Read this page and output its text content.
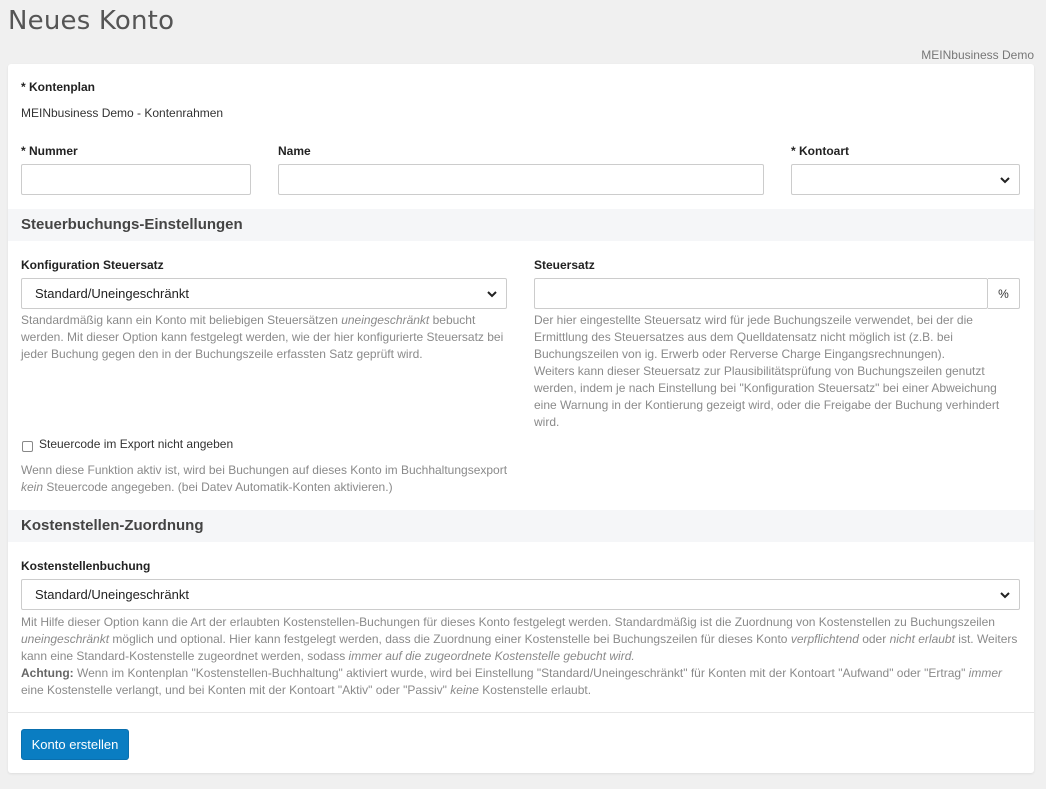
Neues Konto
MEINbusiness Demo
* Kontenplan
MEINbusiness Demo - Kontenrahmen
* Nummer	Name	* Kontoart
Steuerbuchungs-Einstellungen
Konfiguration Steuersatz
Standard/Uneingeschränkt
Standardmäßig kann ein Konto mit beliebigen Steuersätzen uneingeschränkt bebucht werden. Mit dieser Option kann festgelegt werden, wie der hier konfigurierte Steuersatz bei jeder Buchung gegen den in der Buchungszeile erfassten Satz geprüft wird.
Steuersatz
%
Der hier eingestellte Steuersatz wird für jede Buchungszeile verwendet, bei der die Ermittlung des Steuersatzes aus dem Quelldatensatz nicht möglich ist (z.B. bei Buchungszeilen von ig. Erwerb oder Rerverse Charge Eingangsrechnungen).
Weiters kann dieser Steuersatz zur Plausibilitätsprüfung von Buchungszeilen genutzt werden, indem je nach Einstellung bei "Konfiguration Steuersatz" bei einer Abweichung eine Warnung in der Kontierung gezeigt wird, oder die Freigabe der Buchung verhindert wird.
Steuercode im Export nicht angeben
Wenn diese Funktion aktiv ist, wird bei Buchungen auf dieses Konto im Buchhaltungsexport kein Steuercode angegeben. (bei Datev Automatik-Konten aktivieren.)
Kostenstellen-Zuordnung
Kostenstellenbuchung
Standard/Uneingeschränkt
Mit Hilfe dieser Option kann die Art der erlaubten Kostenstellen-Buchungen für dieses Konto festgelegt werden. Standardmäßig ist die Zuordnung von Kostenstellen zu Buchungszeilen uneingeschränkt möglich und optional. Hier kann festgelegt werden, dass die Zuordnung einer Kostenstelle bei Buchungszeilen für dieses Konto verpflichtend oder nicht erlaubt ist. Weiters kann eine Standard-Kostenstelle zugeordnet werden, sodass immer auf die zugeordnete Kostenstelle gebucht wird.
Achtung: Wenn im Kontenplan "Kostenstellen-Buchhaltung" aktiviert wurde, wird bei Einstellung "Standard/Uneingeschränkt" für Konten mit der Kontoart "Aufwand" oder "Ertrag" immer eine Kostenstelle verlangt, und bei Konten mit der Kontoart "Aktiv" oder "Passiv" keine Kostenstelle erlaubt.
Konto erstellen
